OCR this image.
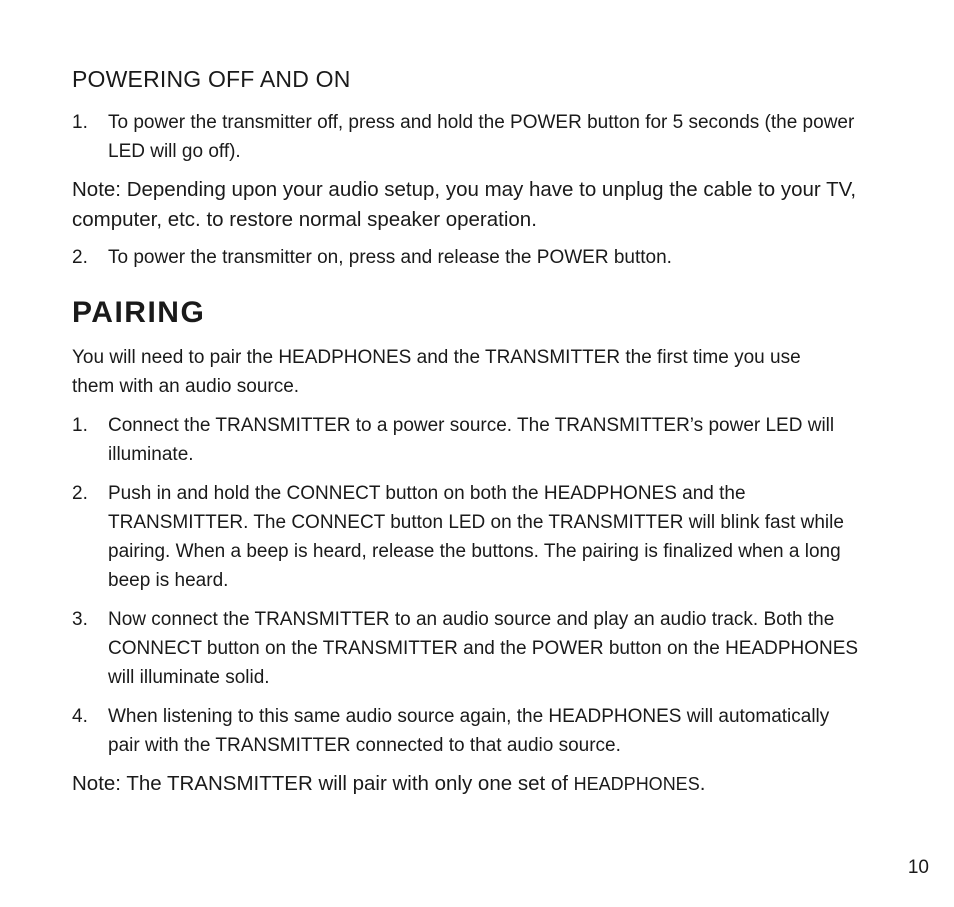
POWERING OFF AND ON
1.	To power the transmitter off, press and hold the POWER button for 5 seconds (the power LED will go off).

Note: Depending upon your audio setup, you may have to unplug the cable to your TV, computer, etc. to restore normal speaker operation.

2.	To power the transmitter on, press and release the POWER button.
PAIRING

You will need to pair the HEADPHONES and the TRANSMITTER the first time you use them with an audio source.

1.	Connect the TRANSMITTER to a power source. The TRANSMITTER’s power LED will illuminate.
2.	Push in and hold the CONNECT button on both the HEADPHONES and the TRANSMITTER. The CONNECT button LED on the TRANSMITTER will blink fast while pairing. When a beep is heard, release the buttons. The pairing is finalized when a long beep is heard.
3.	Now connect the TRANSMITTER to an audio source and play an audio track. Both the CONNECT button on the TRANSMITTER and the POWER button on the HEADPHONES will illuminate solid.
4.	When listening to this same audio source again, the HEADPHONES will automatically pair with the TRANSMITTER connected to that audio source.

Note: The TRANSMITTER will pair with only one set of HEADPHONES.

10
